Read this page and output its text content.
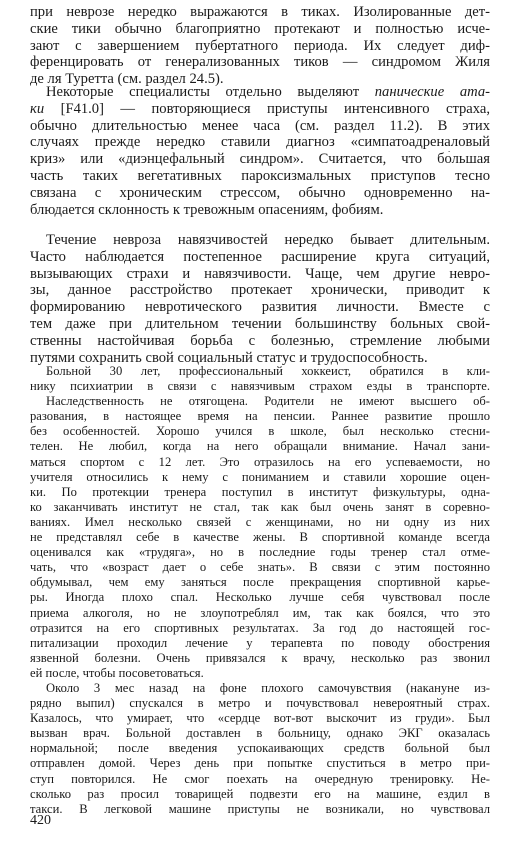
при неврозе нередко выражаются в тиках. Изолированные дет-
ские тики обычно благоприятно протекают и полностью исче-
зают с завершением пубертатного периода. Их следует диф-
ференцировать от генерализованных тиков — синдромом Жиля
де ля Туретта (см. раздел 24.5).
Некоторые специалисты отдельно выделяют панические ата-
ки [F41.0] — повторяющиеся приступы интенсивного страха,
обычно длительностью менее часа (см. раздел 11.2). В этих
случаях прежде нередко ставили диагноз «симпатоадреналовый
криз» или «диэнцефальный синдром». Считается, что бо́льшая
часть таких вегетативных пароксизмальных приступов тесно
связана с хроническим стрессом, обычно одновременно на-
блюдается склонность к тревожным опасениям, фобиям.
Течение невроза навязчивостей нередко бывает длительным.
Часто наблюдается постепенное расширение круга ситуаций,
вызывающих страхи и навязчивости. Чаще, чем другие невро-
зы, данное расстройство протекает хронически, приводит к
формированию невротического развития личности. Вместе с
тем даже при длительном течении большинству больных свой-
ственны настойчивая борьба с болезнью, стремление любыми
путями сохранить свой социальный статус и трудоспособность.
Больной 30 лет, профессиональный хоккеист, обратился в кли-
нику психиатрии в связи с навязчивым страхом езды в транспорте.
Наследственность не отягощена. Родители не имеют высшего об-
разования, в настоящее время на пенсии. Раннее развитие прошло
без особенностей. Хорошо учился в школе, был несколько стесни-
телен. Не любил, когда на него обращали внимание. Начал зани-
маться спортом с 12 лет. Это отразилось на его успеваемости, но
учителя относились к нему с пониманием и ставили хорошие оцен-
ки. По протекции тренера поступил в институт физкультуры, одна-
ко заканчивать институт не стал, так как был очень занят в соревно-
ваниях. Имел несколько связей с женщинами, но ни одну из них
не представлял себе в качестве жены. В спортивной команде всегда
оценивался как «трудяга», но в последние годы тренер стал отме-
чать, что «возраст дает о себе знать». В связи с этим постоянно
обдумывал, чем ему заняться после прекращения спортивной карье-
ры. Иногда плохо спал. Несколько лучше себя чувствовал после
приема алкоголя, но не злоупотреблял им, так как боялся, что это
отразится на его спортивных результатах. За год до настоящей гос-
питализации проходил лечение у терапевта по поводу обострения
язвенной болезни. Очень привязался к врачу, несколько раз звонил
ей после, чтобы посоветоваться.
Около 3 мес назад на фоне плохого самочувствия (накануне из-
рядно выпил) спускался в метро и почувствовал невероятный страх.
Казалось, что умирает, что «сердце вот-вот выскочит из груди». Был
вызван врач. Больной доставлен в больницу, однако ЭКГ оказалась
нормальной; после введения успокаивающих средств больной был
отправлен домой. Через день при попытке спуститься в метро при-
ступ повторился. Не смог поехать на очередную тренировку. Не-
сколько раз просил товарищей подвезти его на машине, ездил в
такси. В легковой машине приступы не возникали, но чувствовал
420
